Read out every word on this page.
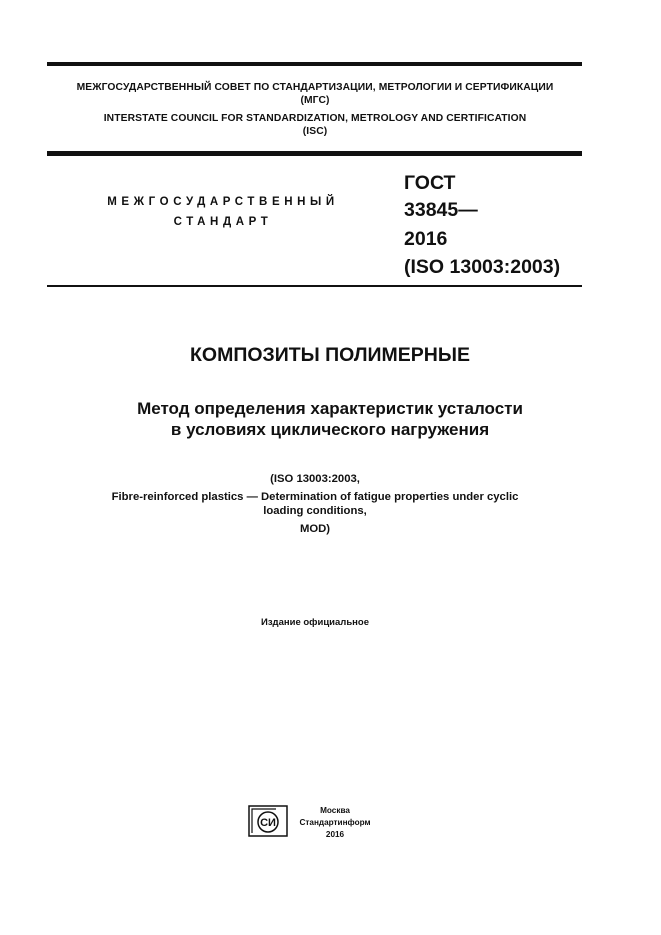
МЕЖГОСУДАРСТВЕННЫЙ СОВЕТ ПО СТАНДАРТИЗАЦИИ, МЕТРОЛОГИИ И СЕРТИФИКАЦИИ
(МГС)
INTERSTATE COUNCIL FOR STANDARDIZATION, METROLOGY AND CERTIFICATION
(ISC)
МЕЖГОСУДАРСТВЕННЫЙ
СТАНДАРТ
ГОСТ
33845—
2016
(ISO 13003:2003)
КОМПОЗИТЫ ПОЛИМЕРНЫЕ
Метод определения характеристик усталости
в условиях циклического нагружения
(ISO 13003:2003,
Fibre-reinforced plastics — Determination of fatigue properties under cyclic
loading conditions,
MOD)
Издание официальное
СИ
Москва
Стандартинформ
2016
